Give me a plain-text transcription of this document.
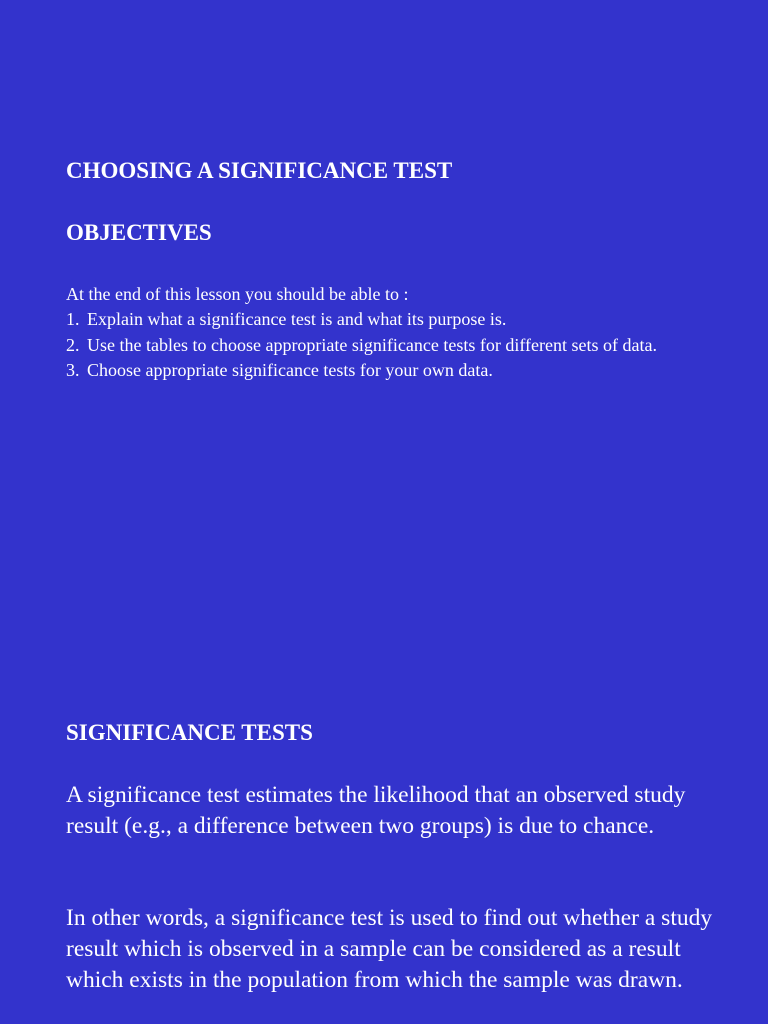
CHOOSING A SIGNIFICANCE TEST
OBJECTIVES

At the end of this lesson you should be able to :

1. Explain what a significance test is and what its purpose is.
2. Use the tables to choose appropriate significance tests for different sets of data.
3. Choose appropriate significance tests for your own data.
SIGNIFICANCE TESTS

A significance test estimates the likelihood that an observed study result (e.g., a difference between two groups) is due to chance.

In other words, a significance test is used to find out whether a study result which is observed in a sample can be considered as a result which exists in the population from which the sample was drawn.
